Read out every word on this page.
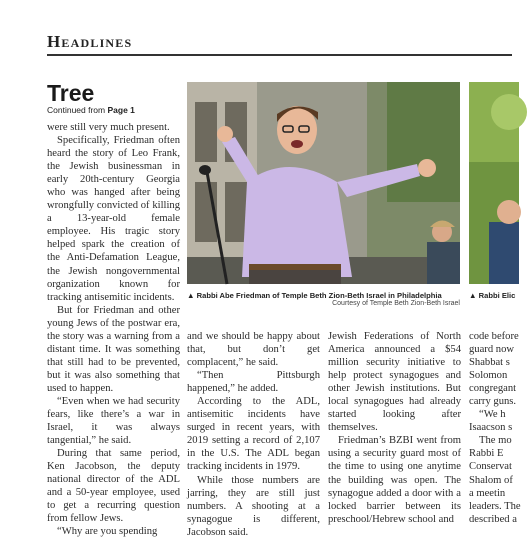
Headlines
Tree
Continued from Page 1

were still very much present.

Specifically, Friedman often heard the story of Leo Frank, the Jewish businessman in early 20th-century Georgia who was hanged after being wrongfully convicted of killing a 13-year-old female employee. His tragic story helped spark the creation of the Anti-Defamation League, the Jewish nongovernmental organization known for tracking antisemitic incidents.

But for Friedman and other young Jews of the postwar era, the story was a warning from a distant time. It was something that still had to be prevented, but it was also something that used to happen.

“Even when we had security fears, like there’s a war in Israel, it was always tangential,” he said.

During that same period, Ken Jacobson, the deputy national director of the ADL and a 50-year employee, used to get a recurring question from fellow Jews.

“Why are you spending

▲ Rabbi Abe Friedman of Temple Beth Zion-Beth Israel in Philadelphia
Courtesy of Temple Beth Zion-Beth Israel
▲ Rabbi Elic

and we should be happy about that, but don’t get complacent,” he said.

“Then Pittsburgh happened,” he added.

According to the ADL, antisemitic incidents have surged in recent years, with 2019 setting a record of 2,107 in the U.S. The ADL began tracking incidents in 1979.

While those numbers are jarring, they are still just numbers. A shooting at a synagogue is different, Jacobson said.

Jewish Federations of North America announced a $54 million security initiative to help protect synagogues and other Jewish institutions. But local synagogues had already started looking after themselves.

Friedman’s BZBI went from using a security guard most of the time to using one anytime the building was open. The synagogue added a door with a locked barrier between its preschool/Hebrew school and

code before
guard now
Shabbat s
Solomon
congregant
carry guns.
“We h
Isaacson s
The mo
Rabbi E
Conservat
Shalom of
a meetin
leaders. The
described a
